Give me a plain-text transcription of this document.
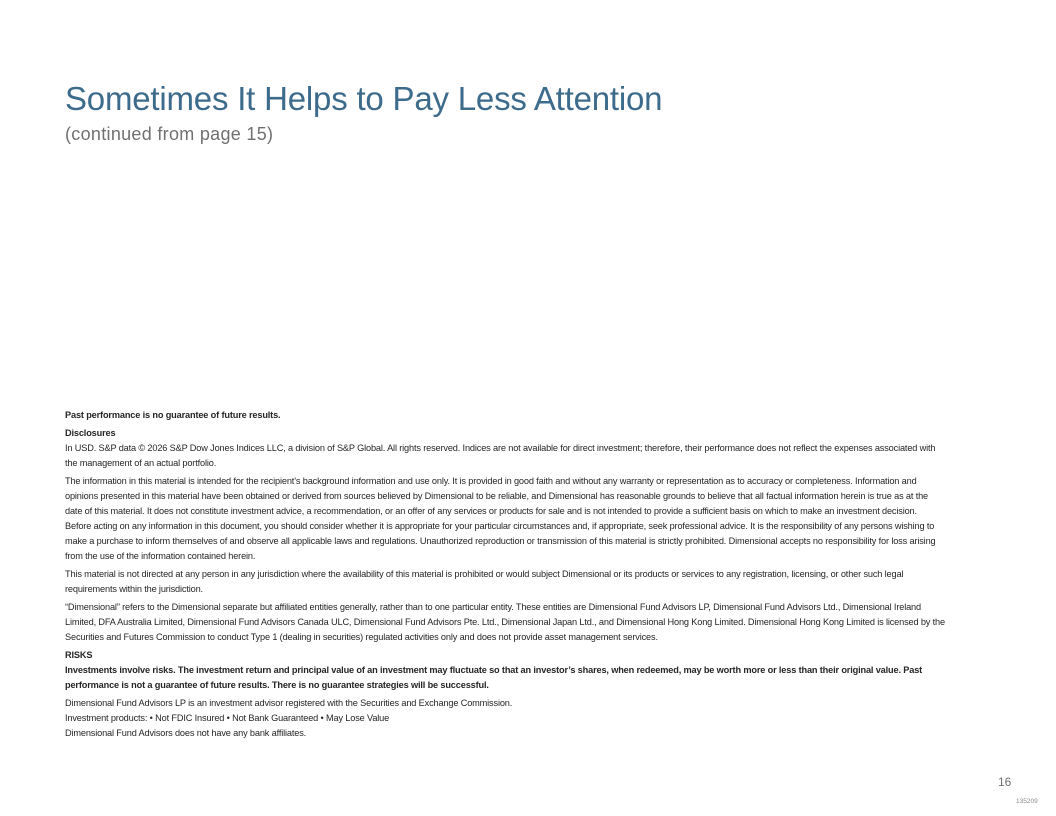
Sometimes It Helps to Pay Less Attention
(continued from page 15)

Past performance is no guarantee of future results.

Disclosures

In USD. S&P data © 2026 S&P Dow Jones Indices LLC, a division of S&P Global. All rights reserved. Indices are not available for direct investment; therefore, their performance does not reflect the expenses associated with the management of an actual portfolio.

The information in this material is intended for the recipient’s background information and use only. It is provided in good faith and without any warranty or representation as to accuracy or completeness. Information and opinions presented in this material have been obtained or derived from sources believed by Dimensional to be reliable, and Dimensional has reasonable grounds to believe that all factual information herein is true as at the date of this material. It does not constitute investment advice, a recommendation, or an offer of any services or products for sale and is not intended to provide a sufficient basis on which to make an investment decision. Before acting on any information in this document, you should consider whether it is appropriate for your particular circumstances and, if appropriate, seek professional advice. It is the responsibility of any persons wishing to make a purchase to inform themselves of and observe all applicable laws and regulations. Unauthorized reproduction or transmission of this material is strictly prohibited. Dimensional accepts no responsibility for loss arising from the use of the information contained herein.

This material is not directed at any person in any jurisdiction where the availability of this material is prohibited or would subject Dimensional or its products or services to any registration, licensing, or other such legal requirements within the jurisdiction.

“Dimensional” refers to the Dimensional separate but affiliated entities generally, rather than to one particular entity. These entities are Dimensional Fund Advisors LP, Dimensional Fund Advisors Ltd., Dimensional Ireland Limited, DFA Australia Limited, Dimensional Fund Advisors Canada ULC, Dimensional Fund Advisors Pte. Ltd., Dimensional Japan Ltd., and Dimensional Hong Kong Limited. Dimensional Hong Kong Limited is licensed by the Securities and Futures Commission to conduct Type 1 (dealing in securities) regulated activities only and does not provide asset management services.

RISKS

Investments involve risks. The investment return and principal value of an investment may fluctuate so that an investor’s shares, when redeemed, may be worth more or less than their original value. Past performance is not a guarantee of future results. There is no guarantee strategies will be successful.

Dimensional Fund Advisors LP is an investment advisor registered with the Securities and Exchange Commission.

Investment products: • Not FDIC Insured • Not Bank Guaranteed • May Lose Value

Dimensional Fund Advisors does not have any bank affiliates.

16
135209
